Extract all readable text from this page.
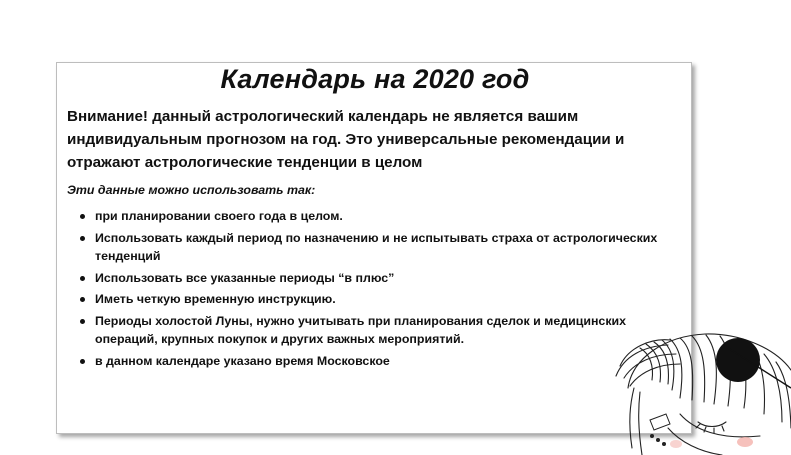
Календарь на 2020 год

Внимание! данный астрологический календарь не является вашим индивидуальным прогнозом на год. Это универсальные рекомендации и отражают астрологические тенденции в целом

Эти данные можно использовать так:

при планировании своего года в целом.
Использовать каждый период по назначению и не испытывать страха от астрологических тенденций
Использовать все указанные периоды “в плюс”
Иметь четкую временную инструкцию.
Периоды холостой Луны, нужно учитывать при планирования сделок и медицинских операций, крупных покупок и других важных мероприятий.
в данном календаре указано время Московское
